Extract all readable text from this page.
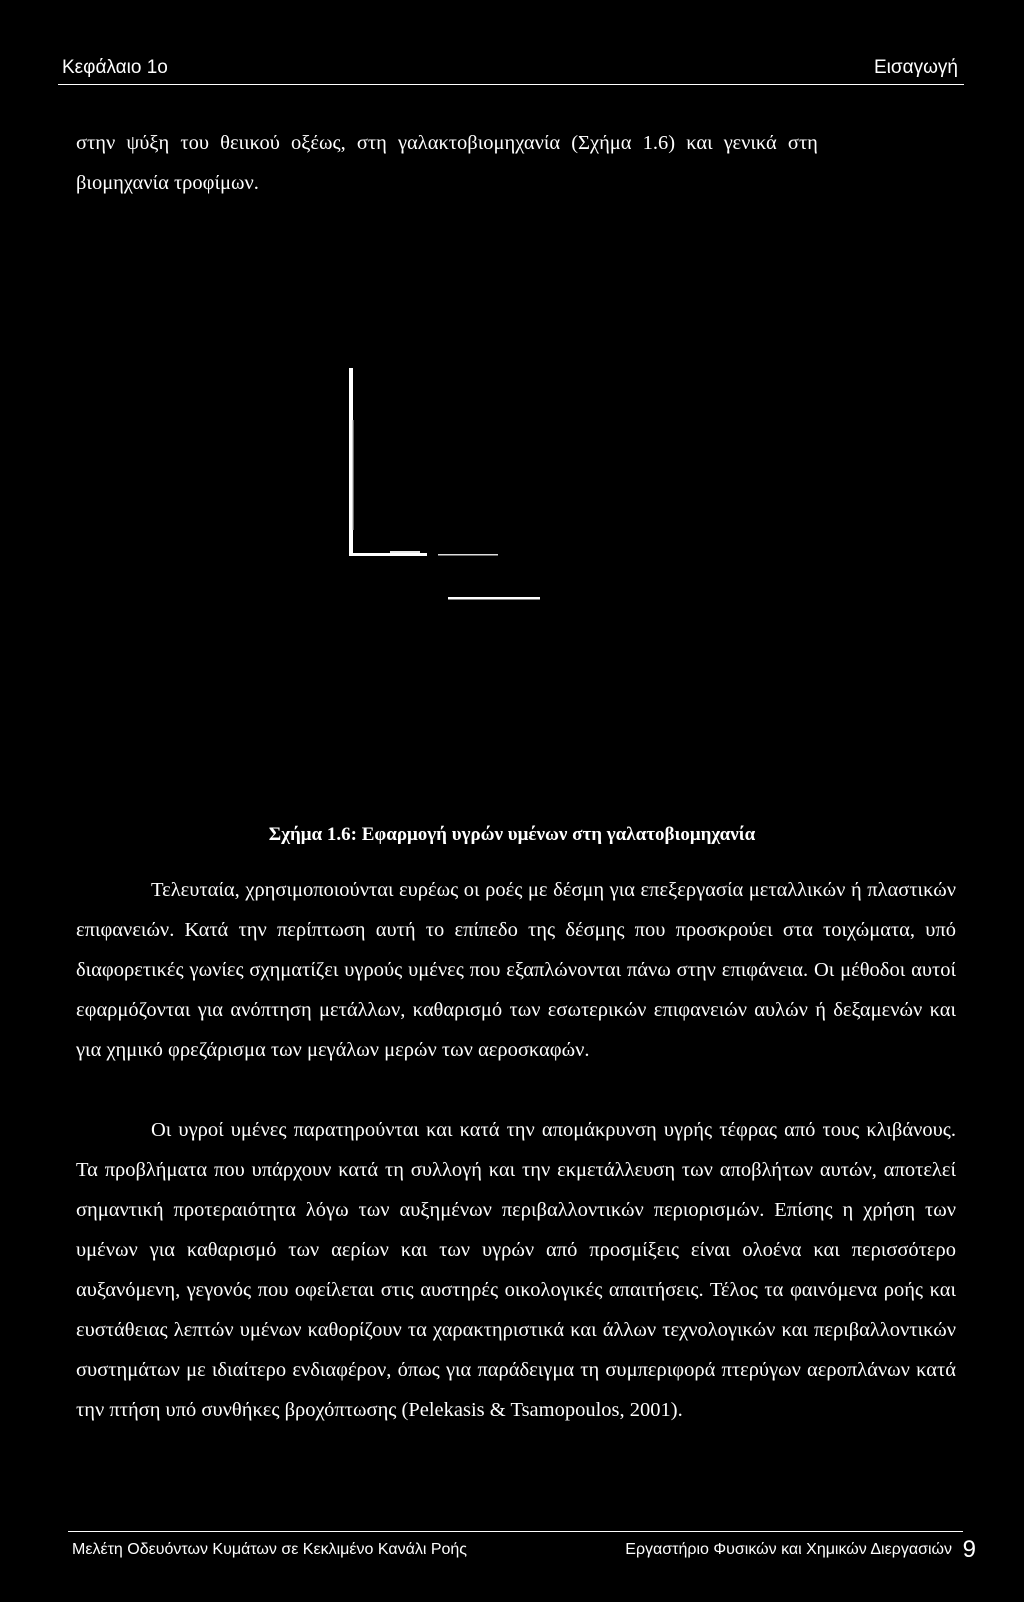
Κεφάλαιο 1ο	Εισαγωγή

στην ψύξη του θειικού οξέως, στη γαλακτοβιομηχανία (Σχήμα 1.6) και γενικά στη
βιομηχανία τροφίμων.

Σχήμα 1.6: Εφαρμογή υγρών υμένων στη γαλατοβιομηχανία

Τελευταία, χρησιμοποιούνται ευρέως οι ροές με δέσμη για επεξεργασία μεταλλικών ή πλαστικών επιφανειών. Κατά την περίπτωση αυτή το επίπεδο της δέσμης που προσκρούει στα τοιχώματα, υπό διαφορετικές γωνίες σχηματίζει υγρούς υμένες που εξαπλώνονται πάνω στην επιφάνεια. Οι μέθοδοι αυτοί εφαρμόζονται για ανόπτηση μετάλλων, καθαρισμό των εσωτερικών επιφανειών αυλών ή δεξαμενών και για χημικό φρεζάρισμα των μεγάλων μερών των αεροσκαφών.

Οι υγροί υμένες παρατηρούνται και κατά την απομάκρυνση υγρής τέφρας από τους κλιβάνους. Τα προβλήματα που υπάρχουν κατά τη συλλογή και την εκμετάλλευση των αποβλήτων αυτών, αποτελεί σημαντική προτεραιότητα λόγω των αυξημένων περιβαλλοντικών περιορισμών. Επίσης η χρήση των υμένων για καθαρισμό των αερίων και των υγρών από προσμίξεις είναι ολοένα και περισσότερο αυξανόμενη, γεγονός που οφείλεται στις αυστηρές οικολογικές απαιτήσεις. Τέλος τα φαινόμενα ροής και ευστάθειας λεπτών υμένων καθορίζουν τα χαρακτηριστικά και άλλων τεχνολογικών και περιβαλλοντικών συστημάτων με ιδιαίτερο ενδιαφέρον, όπως για παράδειγμα τη συμπεριφορά πτερύγων αεροπλάνων κατά την πτήση υπό συνθήκες βροχόπτωσης (Pelekasis & Tsamopoulos, 2001).

Μελέτη Οδευόντων Κυμάτων σε Κεκλιμένο Κανάλι Ροής	Εργαστήριο Φυσικών και Χημικών Διεργασιών 9
